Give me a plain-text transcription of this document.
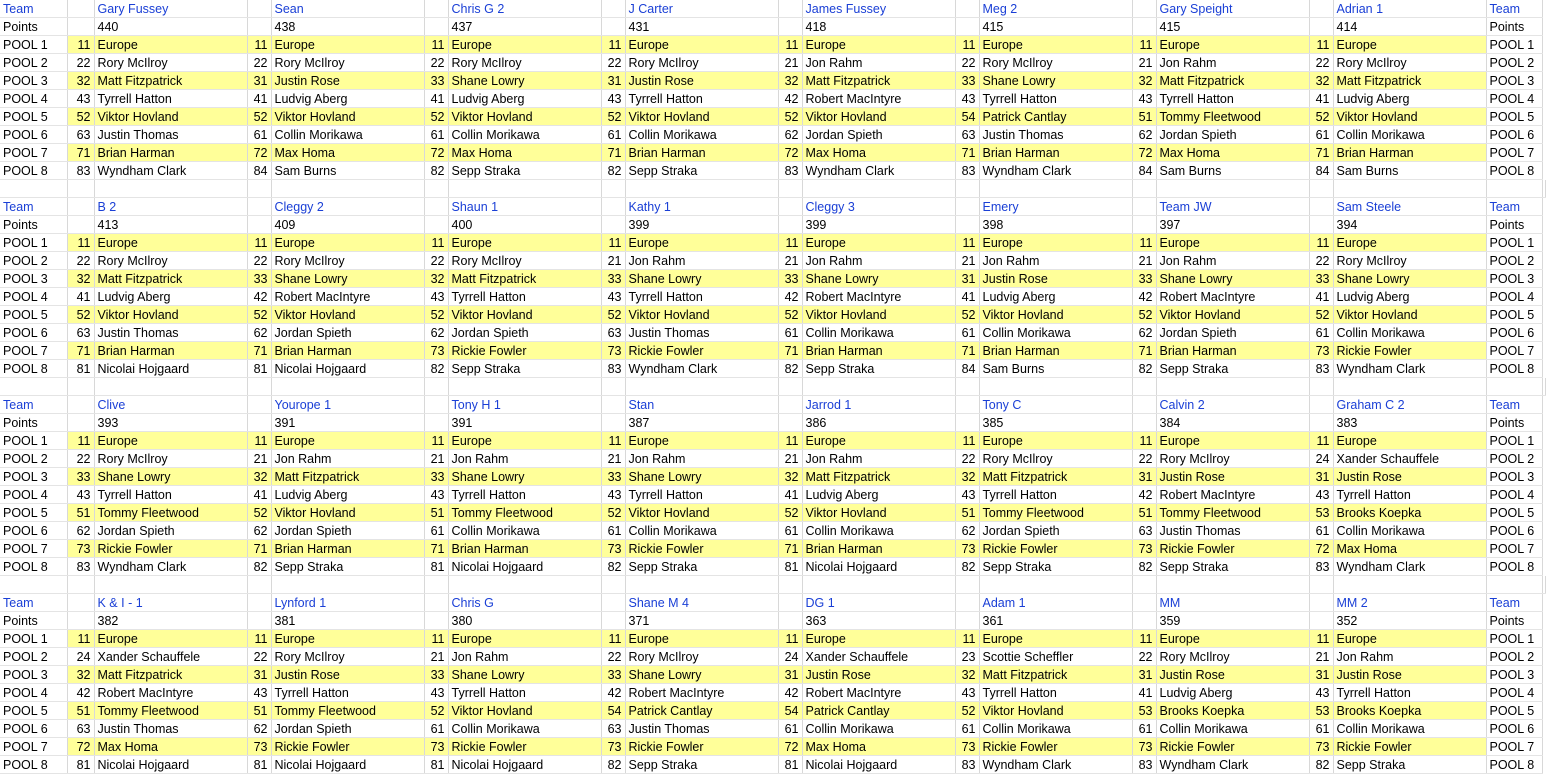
Team		Gary Fussey		Sean		Chris G 2		J Carter		James Fussey		Meg 2		Gary Speight		Adrian 1	Team	
Points		440		438		437		431		418		415		415		414	Points	
POOL 1	11	Europe	11	Europe	11	Europe	11	Europe	11	Europe	11	Europe	11	Europe	11	Europe	POOL 1	
POOL 2	22	Rory McIlroy	22	Rory McIlroy	22	Rory McIlroy	22	Rory McIlroy	21	Jon Rahm	22	Rory McIlroy	21	Jon Rahm	22	Rory McIlroy	POOL 2	
POOL 3	32	Matt Fitzpatrick	31	Justin Rose	33	Shane Lowry	31	Justin Rose	32	Matt Fitzpatrick	33	Shane Lowry	32	Matt Fitzpatrick	32	Matt Fitzpatrick	POOL 3	
POOL 4	43	Tyrrell Hatton	41	Ludvig Aberg	41	Ludvig Aberg	43	Tyrrell Hatton	42	Robert MacIntyre	43	Tyrrell Hatton	43	Tyrrell Hatton	41	Ludvig Aberg	POOL 4	
POOL 5	52	Viktor Hovland	52	Viktor Hovland	52	Viktor Hovland	52	Viktor Hovland	52	Viktor Hovland	54	Patrick Cantlay	51	Tommy Fleetwood	52	Viktor Hovland	POOL 5	
POOL 6	63	Justin Thomas	61	Collin Morikawa	61	Collin Morikawa	61	Collin Morikawa	62	Jordan Spieth	63	Justin Thomas	62	Jordan Spieth	61	Collin Morikawa	POOL 6	
POOL 7	71	Brian Harman	72	Max Homa	72	Max Homa	71	Brian Harman	72	Max Homa	71	Brian Harman	72	Max Homa	71	Brian Harman	POOL 7	
POOL 8	83	Wyndham Clark	84	Sam Burns	82	Sepp Straka	82	Sepp Straka	83	Wyndham Clark	83	Wyndham Clark	84	Sam Burns	84	Sam Burns	POOL 8	

Team		B 2		Cleggy 2		Shaun 1		Kathy 1		Cleggy 3		Emery		Team JW		Sam Steele	Team	
Points		413		409		400		399		399		398		397		394	Points	
POOL 1	11	Europe	11	Europe	11	Europe	11	Europe	11	Europe	11	Europe	11	Europe	11	Europe	POOL 1	
POOL 2	22	Rory McIlroy	22	Rory McIlroy	22	Rory McIlroy	21	Jon Rahm	21	Jon Rahm	21	Jon Rahm	21	Jon Rahm	22	Rory McIlroy	POOL 2	
POOL 3	32	Matt Fitzpatrick	33	Shane Lowry	32	Matt Fitzpatrick	33	Shane Lowry	33	Shane Lowry	31	Justin Rose	33	Shane Lowry	33	Shane Lowry	POOL 3	
POOL 4	41	Ludvig Aberg	42	Robert MacIntyre	43	Tyrrell Hatton	43	Tyrrell Hatton	42	Robert MacIntyre	41	Ludvig Aberg	42	Robert MacIntyre	41	Ludvig Aberg	POOL 4	
POOL 5	52	Viktor Hovland	52	Viktor Hovland	52	Viktor Hovland	52	Viktor Hovland	52	Viktor Hovland	52	Viktor Hovland	52	Viktor Hovland	52	Viktor Hovland	POOL 5	
POOL 6	63	Justin Thomas	62	Jordan Spieth	62	Jordan Spieth	63	Justin Thomas	61	Collin Morikawa	61	Collin Morikawa	62	Jordan Spieth	61	Collin Morikawa	POOL 6	
POOL 7	71	Brian Harman	71	Brian Harman	73	Rickie Fowler	73	Rickie Fowler	71	Brian Harman	71	Brian Harman	71	Brian Harman	73	Rickie Fowler	POOL 7	
POOL 8	81	Nicolai Hojgaard	81	Nicolai Hojgaard	82	Sepp Straka	83	Wyndham Clark	82	Sepp Straka	84	Sam Burns	82	Sepp Straka	83	Wyndham Clark	POOL 8	

Team		Clive		Yourope 1		Tony H 1		Stan		Jarrod 1		Tony C		Calvin 2		Graham C 2	Team	
Points		393		391		391		387		386		385		384		383	Points	
POOL 1	11	Europe	11	Europe	11	Europe	11	Europe	11	Europe	11	Europe	11	Europe	11	Europe	POOL 1	
POOL 2	22	Rory McIlroy	21	Jon Rahm	21	Jon Rahm	21	Jon Rahm	21	Jon Rahm	22	Rory McIlroy	22	Rory McIlroy	24	Xander Schauffele	POOL 2	
POOL 3	33	Shane Lowry	32	Matt Fitzpatrick	33	Shane Lowry	33	Shane Lowry	32	Matt Fitzpatrick	32	Matt Fitzpatrick	31	Justin Rose	31	Justin Rose	POOL 3	
POOL 4	43	Tyrrell Hatton	41	Ludvig Aberg	43	Tyrrell Hatton	43	Tyrrell Hatton	41	Ludvig Aberg	43	Tyrrell Hatton	42	Robert MacIntyre	43	Tyrrell Hatton	POOL 4	
POOL 5	51	Tommy Fleetwood	52	Viktor Hovland	51	Tommy Fleetwood	52	Viktor Hovland	52	Viktor Hovland	51	Tommy Fleetwood	51	Tommy Fleetwood	53	Brooks Koepka	POOL 5	
POOL 6	62	Jordan Spieth	62	Jordan Spieth	61	Collin Morikawa	61	Collin Morikawa	61	Collin Morikawa	62	Jordan Spieth	63	Justin Thomas	61	Collin Morikawa	POOL 6	
POOL 7	73	Rickie Fowler	71	Brian Harman	71	Brian Harman	73	Rickie Fowler	71	Brian Harman	73	Rickie Fowler	73	Rickie Fowler	72	Max Homa	POOL 7	
POOL 8	83	Wyndham Clark	82	Sepp Straka	81	Nicolai Hojgaard	82	Sepp Straka	81	Nicolai Hojgaard	82	Sepp Straka	82	Sepp Straka	83	Wyndham Clark	POOL 8	

Team		K & I - 1		Lynford 1		Chris G		Shane M 4		DG 1		Adam 1		MM		MM 2	Team	
Points		382		381		380		371		363		361		359		352	Points	
POOL 1	11	Europe	11	Europe	11	Europe	11	Europe	11	Europe	11	Europe	11	Europe	11	Europe	POOL 1	
POOL 2	24	Xander Schauffele	22	Rory McIlroy	21	Jon Rahm	22	Rory McIlroy	24	Xander Schauffele	23	Scottie Scheffler	22	Rory McIlroy	21	Jon Rahm	POOL 2	
POOL 3	32	Matt Fitzpatrick	31	Justin Rose	33	Shane Lowry	33	Shane Lowry	31	Justin Rose	32	Matt Fitzpatrick	31	Justin Rose	31	Justin Rose	POOL 3	
POOL 4	42	Robert MacIntyre	43	Tyrrell Hatton	43	Tyrrell Hatton	42	Robert MacIntyre	42	Robert MacIntyre	43	Tyrrell Hatton	41	Ludvig Aberg	43	Tyrrell Hatton	POOL 4	
POOL 5	51	Tommy Fleetwood	51	Tommy Fleetwood	52	Viktor Hovland	54	Patrick Cantlay	54	Patrick Cantlay	52	Viktor Hovland	53	Brooks Koepka	53	Brooks Koepka	POOL 5	
POOL 6	63	Justin Thomas	62	Jordan Spieth	61	Collin Morikawa	63	Justin Thomas	61	Collin Morikawa	61	Collin Morikawa	61	Collin Morikawa	61	Collin Morikawa	POOL 6	
POOL 7	72	Max Homa	73	Rickie Fowler	73	Rickie Fowler	73	Rickie Fowler	72	Max Homa	73	Rickie Fowler	73	Rickie Fowler	73	Rickie Fowler	POOL 7	
POOL 8	81	Nicolai Hojgaard	81	Nicolai Hojgaard	81	Nicolai Hojgaard	82	Sepp Straka	81	Nicolai Hojgaard	83	Wyndham Clark	83	Wyndham Clark	82	Sepp Straka	POOL 8	
